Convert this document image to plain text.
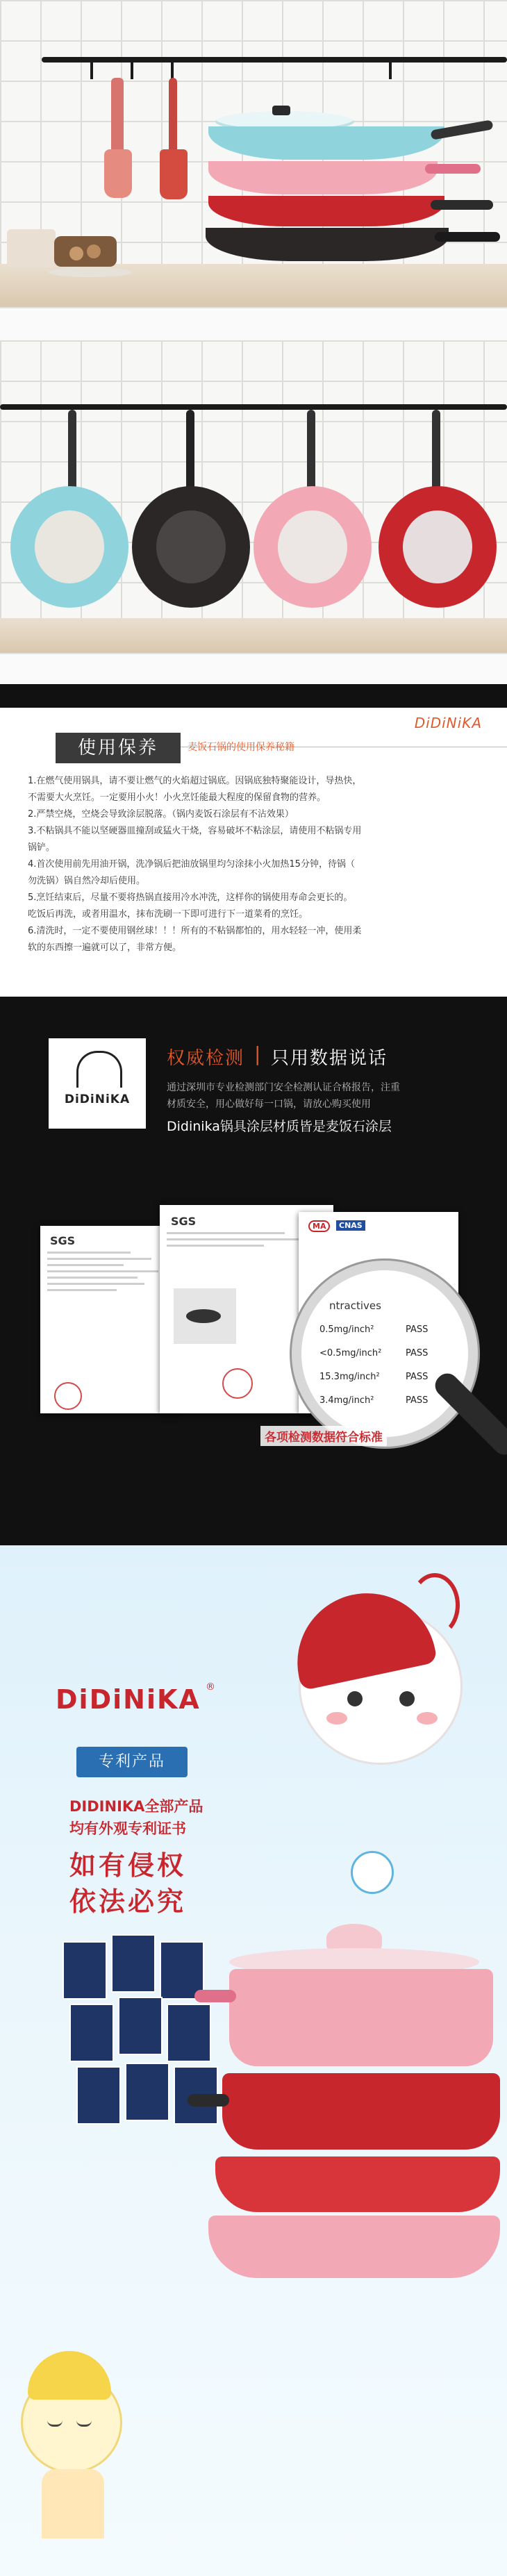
DiDiNiKA
使用保养	麦饭石锅的使用保养秘籍

1.在燃气使用锅具，请不要让燃气的火焰超过锅底。因锅底独特聚能设计，导热快，

不需要大火烹饪。一定要用小火！小火烹饪能最大程度的保留食物的营养。

2.严禁空烧，空烧会导致涂层脱落。（锅内麦饭石涂层有不沾效果）

3.不粘锅具不能以坚硬器皿撞刮或猛火干烧，容易破坏不粘涂层，请使用不粘锅专用

锅铲。

4.首次使用前先用油开锅，洗净锅后把油放锅里均匀涂抹小火加热15分钟，待锅（

勿洗锅）锅自然冷却后使用。

5.烹饪结束后，尽量不要将热锅直接用冷水冲洗，这样你的锅使用寿命会更长的。

吃饭后再洗，或者用温水，抹布洗刷一下即可进行下一道菜肴的烹饪。

6.清洗时，一定不要使用钢丝球！！！所有的不粘锅都怕的，用水轻轻一冲，使用柔

软的东西擦一遍就可以了，非常方便。

DiDiNiKA
权威检测 | 只用数据说话
通过深圳市专业检测部门安全检测认证合格报告，注重
材质安全，用心做好每一口锅，请放心购买使用
Didinika锅具涂层材质皆是麦饭石涂层
SGS
SGS	MA	CNAS
ntractives
0.5mg/inch²	PASS
<0.5mg/inch²	PASS
15.3mg/inch²	PASS
3.4mg/inch²	PASS
各项检测数据符合标准
DiDiNiKA ®
专利产品
DIDINIKA全部产品
均有外观专利证书
如有侵权
依法必究
